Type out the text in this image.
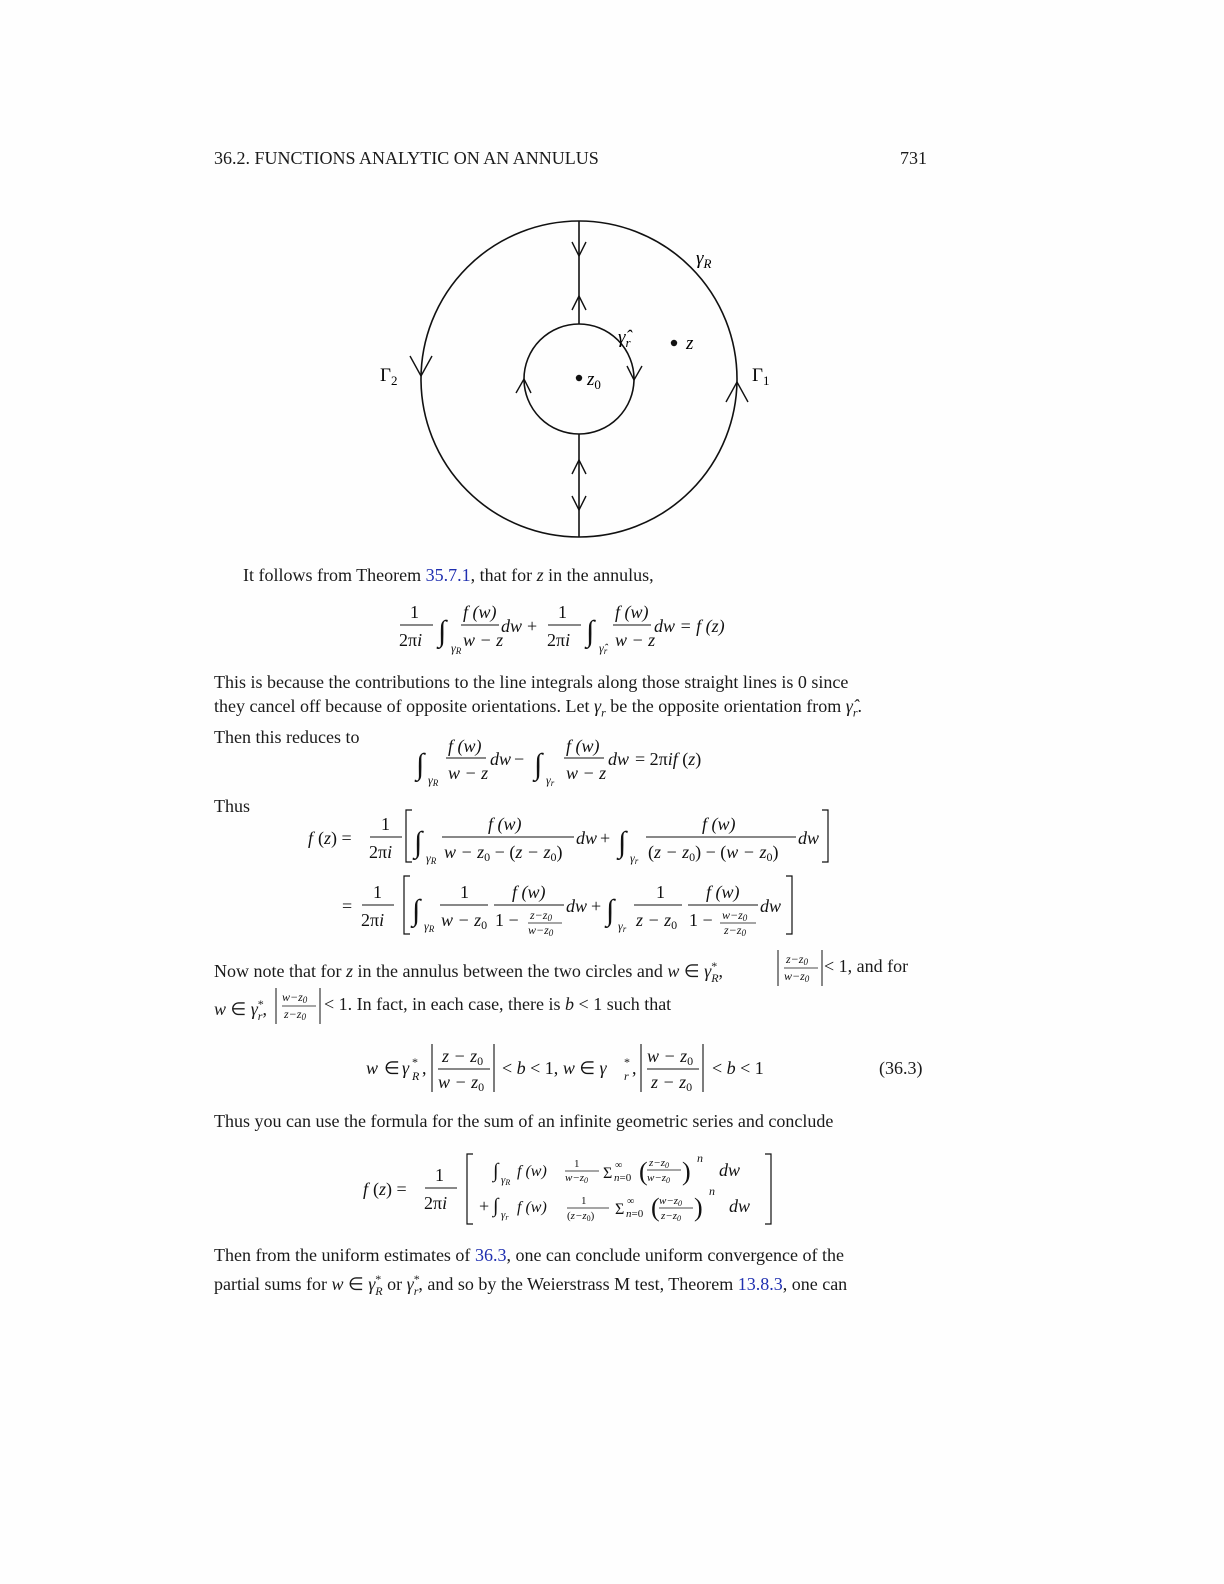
36.2. FUNCTIONS ANALYTIC ON AN ANNULUS	731
$\gamma_R$
$\gammâ_r$	z
$z_0$	$\Gamma_1$
$\Gamma_2$
It follows from Theorem 35.7.1, that for z in the annulus,
1
2πi ∫ γR
f (w)
w − z
dw +
1
2πi ∫ γ̂r
f (w)
w − z
dw = f (z)
This is because the contributions to the line integrals along those straight lines is 0 since
they cancel off because of opposite orientations. Let $\gamma_r$ be the opposite orientation from $\gammâ_r$.
Then this reduces to
∫ γR
f (w)
w − z
dw − ∫ γr
f (w)
w − z
dw = 2πif (z)
Thus
f (z) =
1
2πi ∫ γR
f (w)
w − z0 − (z − z0)
dw + ∫ γr
f (w)
(z − z0) − (w − z0)
dw
=
1
2πi ∫ γR
1
w − z0
f (w)
1 − z−z0
w−z0
dw + ∫ γr
1
z − z0
f (w)
1 − w−z0
z−z0
dw
Now note that for z in the annulus between the two circles and w ∈ $\gamma^*_R$,
z−z0
w−z0
< 1, and for
w ∈ $\gamma^*_r$,
w−z0
z−z0
< 1. In fact, in each case, there is b < 1 such that
w ∈ γ *
R ,
z − z0
w − z0
< b < 1, w ∈ γ *
r ,
w − z0
z − z0
< b < 1	(36.3)
Thus you can use the formula for the sum of an infinite geometric series and conclude
f (z) =
1
2πi
∫ γR
f (w) 1
w−z0 Σ ∞
n=0 ( z−z0
w−z0 ) n
dw
+ ∫ γr
f (w)	1
(z−z0) Σ ∞
n=0 ( w−z0
z−z0 )
n
dw
Then from the uniform estimates of 36.3, one can conclude uniform convergence of the
partial sums for w ∈ $\gamma^*_R$ or $\gamma^*_r$, and so by the Weierstrass M test, Theorem 13.8.3, one can
